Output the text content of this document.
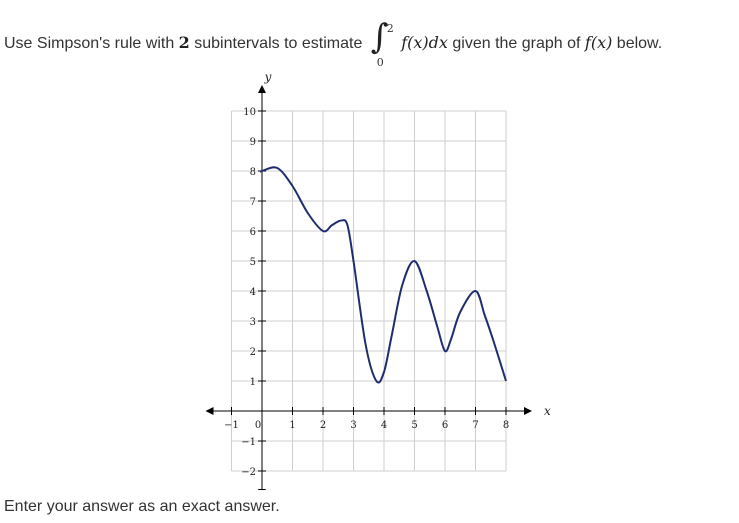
Use Simpson's rule with 2 subintervals to estimate ∫
2
0
f(x)dx given the graph of f(x) below.
−1 0	1 2 3 4 5 6 7 8
−2
−1
1
2
3
4
5
6
7
8
9
10
x
y
Enter your answer as an exact answer.
